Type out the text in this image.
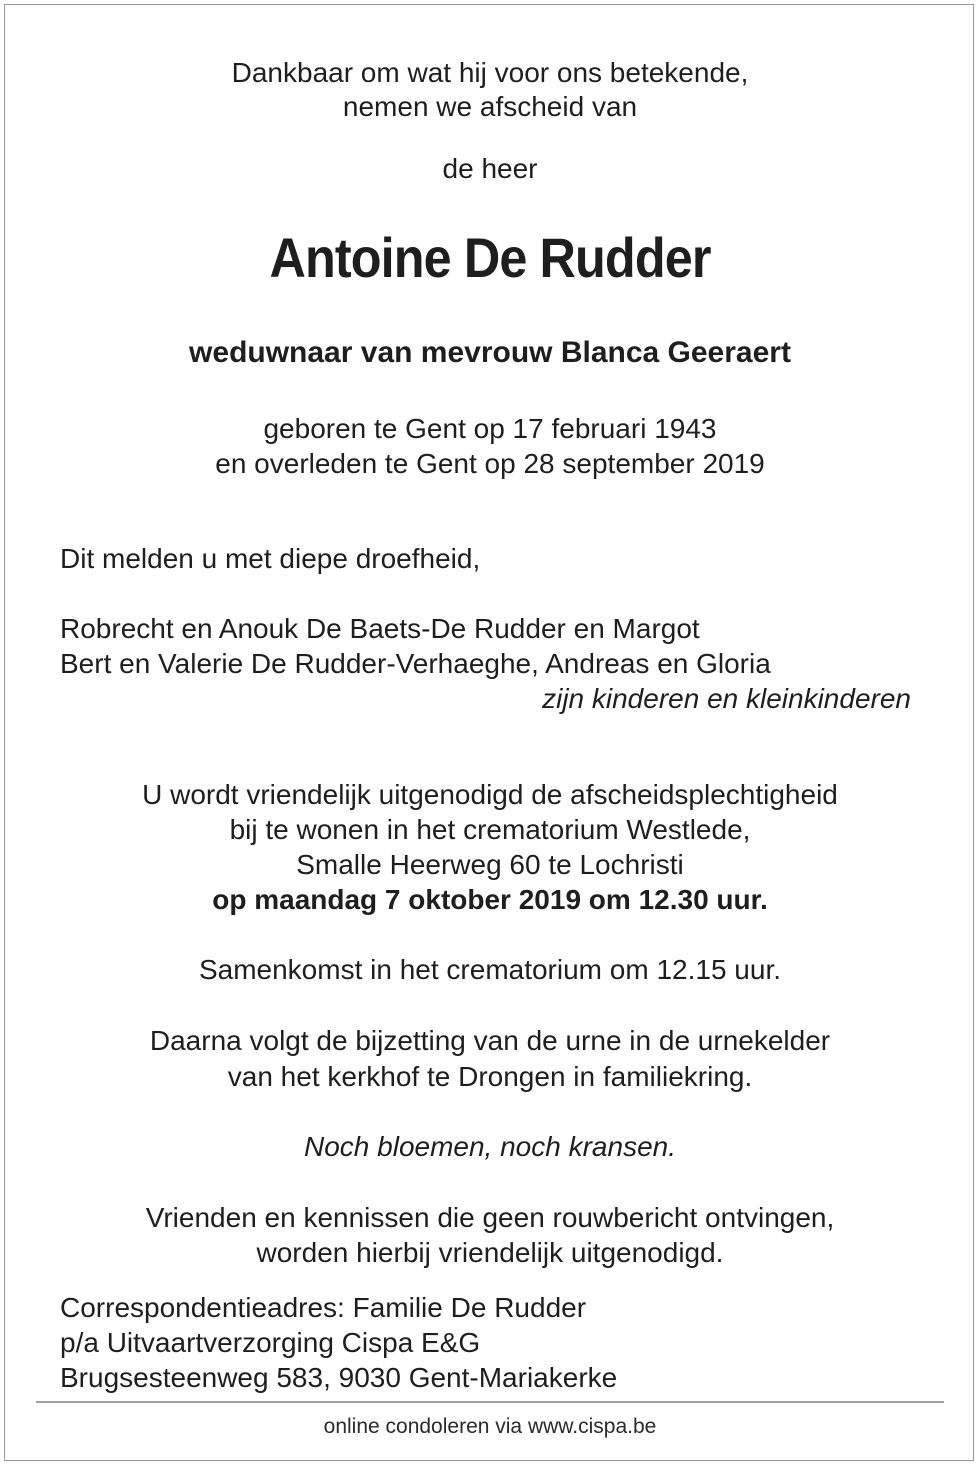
Dankbaar om wat hij voor ons betekende,
nemen we afscheid van
de heer
Antoine De Rudder
weduwnaar van mevrouw Blanca Geeraert
geboren te Gent op 17 februari 1943
en overleden te Gent op 28 september 2019
Dit melden u met diepe droefheid,
Robrecht en Anouk De Baets-De Rudder en Margot
Bert en Valerie De Rudder-Verhaeghe, Andreas en Gloria
zijn kinderen en kleinkinderen
U wordt vriendelijk uitgenodigd de afscheidsplechtigheid
bij te wonen in het crematorium Westlede,
Smalle Heerweg 60 te Lochristi
op maandag 7 oktober 2019 om 12.30 uur.
Samenkomst in het crematorium om 12.15 uur.
Daarna volgt de bijzetting van de urne in de urnekelder
van het kerkhof te Drongen in familiekring.
Noch bloemen, noch kransen.
Vrienden en kennissen die geen rouwbericht ontvingen,
worden hierbij vriendelijk uitgenodigd.
Correspondentieadres: Familie De Rudder
p/a Uitvaartverzorging Cispa E&G
Brugsesteenweg 583, 9030 Gent-Mariakerke
online condoleren via www.cispa.be
